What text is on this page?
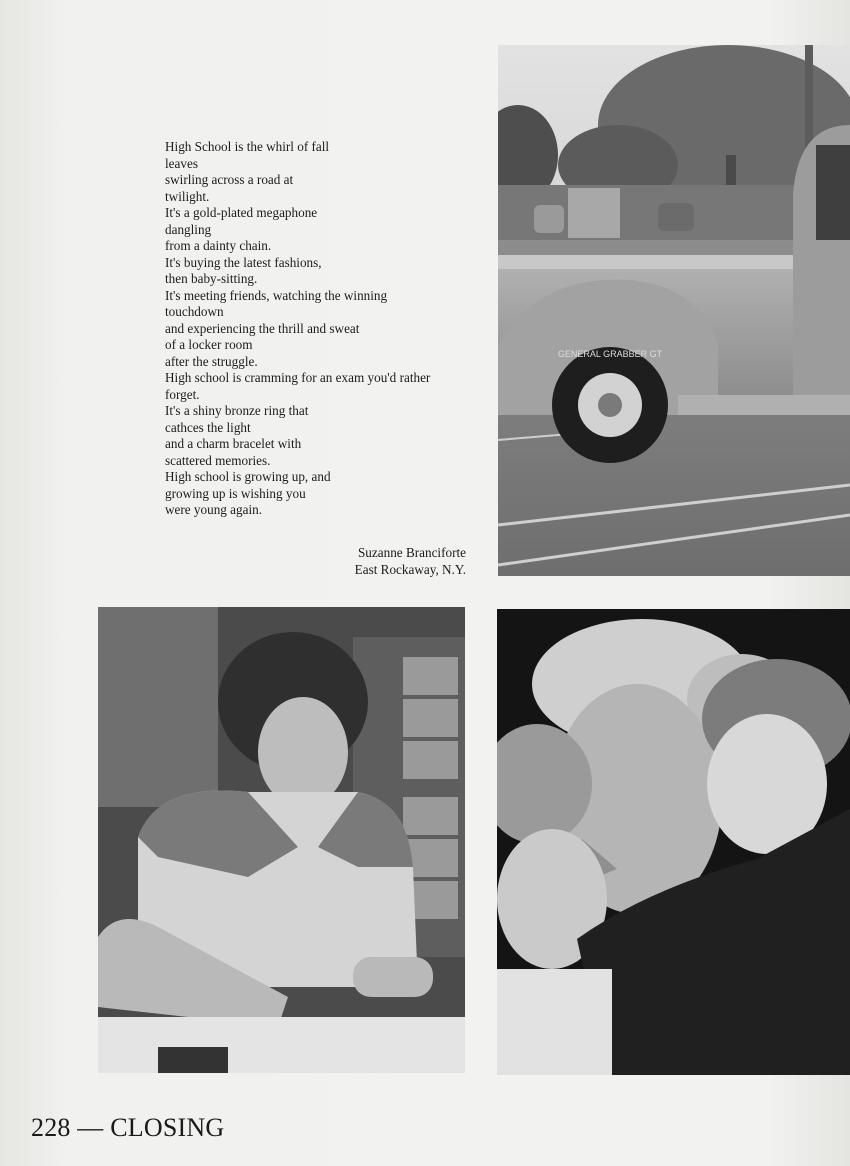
High School is the whirl of fall
leaves
swirling across a road at
twilight.
It's a gold-plated megaphone
dangling
from a dainty chain.
It's buying the latest fashions,
then baby-sitting.
It's meeting friends, watching the winning
touchdown
and experiencing the thrill and sweat
of a locker room
after the struggle.
High school is cramming for an exam you'd rather
forget.
It's a shiny bronze ring that
cathces the light
and a charm bracelet with
scattered memories.
High school is growing up, and
growing up is wishing you
were young again.
Suzanne Branciforte
East Rockaway, N.Y.
GENERAL GRABBER GT
228 — CLOSING
